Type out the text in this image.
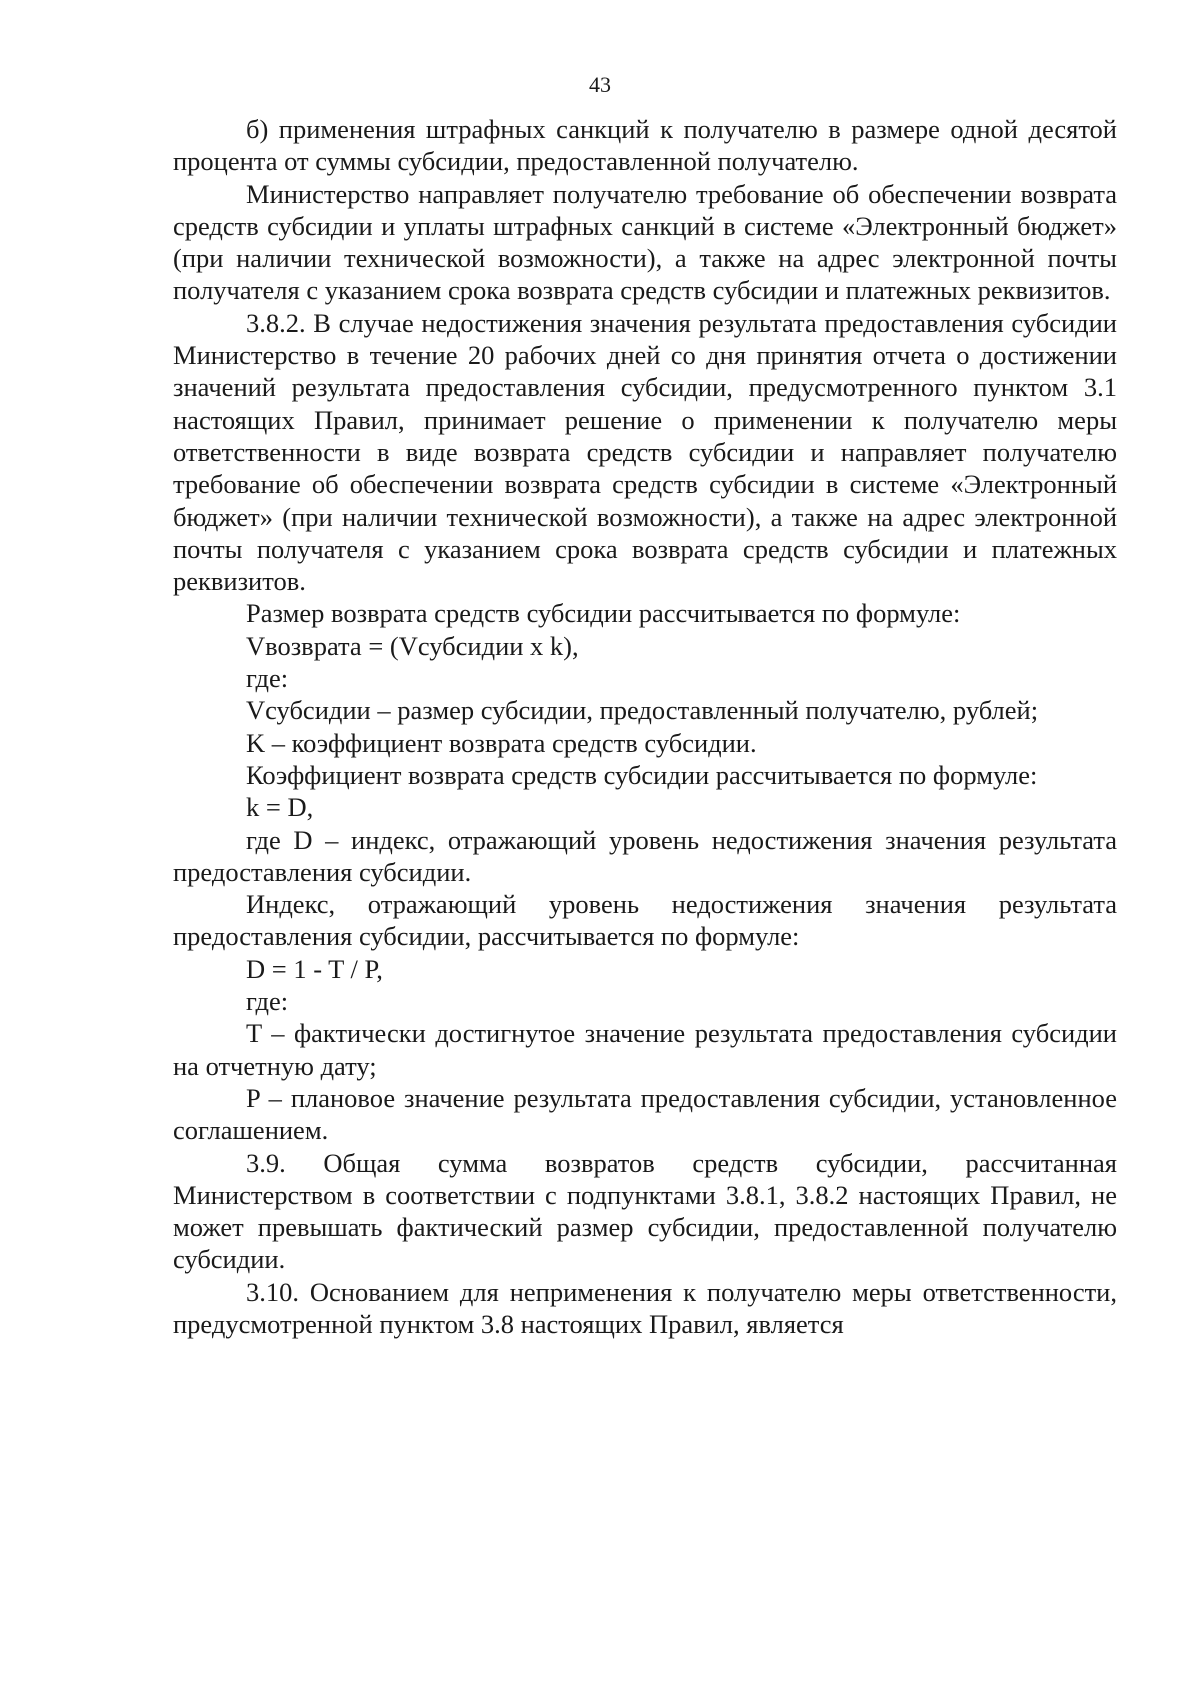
43

б) применения штрафных санкций к получателю в размере одной десятой процента от суммы субсидии, предоставленной получателю.

Министерство направляет получателю требование об обеспечении возврата средств субсидии и уплаты штрафных санкций в системе «Электронный бюджет» (при наличии технической возможности), а также на адрес электронной почты получателя с указанием срока возврата средств субсидии и платежных реквизитов.

3.8.2. В случае недостижения значения результата предоставления субсидии Министерство в течение 20 рабочих дней со дня принятия отчета о достижении значений результата предоставления субсидии, предусмотренного пунктом 3.1 настоящих Правил, принимает решение о применении к получателю меры ответственности в виде возврата средств субсидии и направляет получателю требование об обеспечении возврата средств субсидии в системе «Электронный бюджет» (при наличии технической возможности), а также на адрес электронной почты получателя с указанием срока возврата средств субсидии и платежных реквизитов.

Размер возврата средств субсидии рассчитывается по формуле:

Vвозврата = (Vсубсидии x k),

где:

Vсубсидии – размер субсидии, предоставленный получателю, рублей;

K – коэффициент возврата средств субсидии.

Коэффициент возврата средств субсидии рассчитывается по формуле:

k = D,

где D – индекс, отражающий уровень недостижения значения результата предоставления субсидии.

Индекс, отражающий уровень недостижения значения результата предоставления субсидии, рассчитывается по формуле:

D = 1 - T / P,

где:

T – фактически достигнутое значение результата предоставления субсидии на отчетную дату;

P – плановое значение результата предоставления субсидии, установленное соглашением.

3.9. Общая сумма возвратов средств субсидии, рассчитанная Министерством в соответствии с подпунктами 3.8.1, 3.8.2 настоящих Правил, не может превышать фактический размер субсидии, предоставленной получателю субсидии.

3.10. Основанием для неприменения к получателю меры ответственности, предусмотренной пунктом 3.8 настоящих Правил, является
